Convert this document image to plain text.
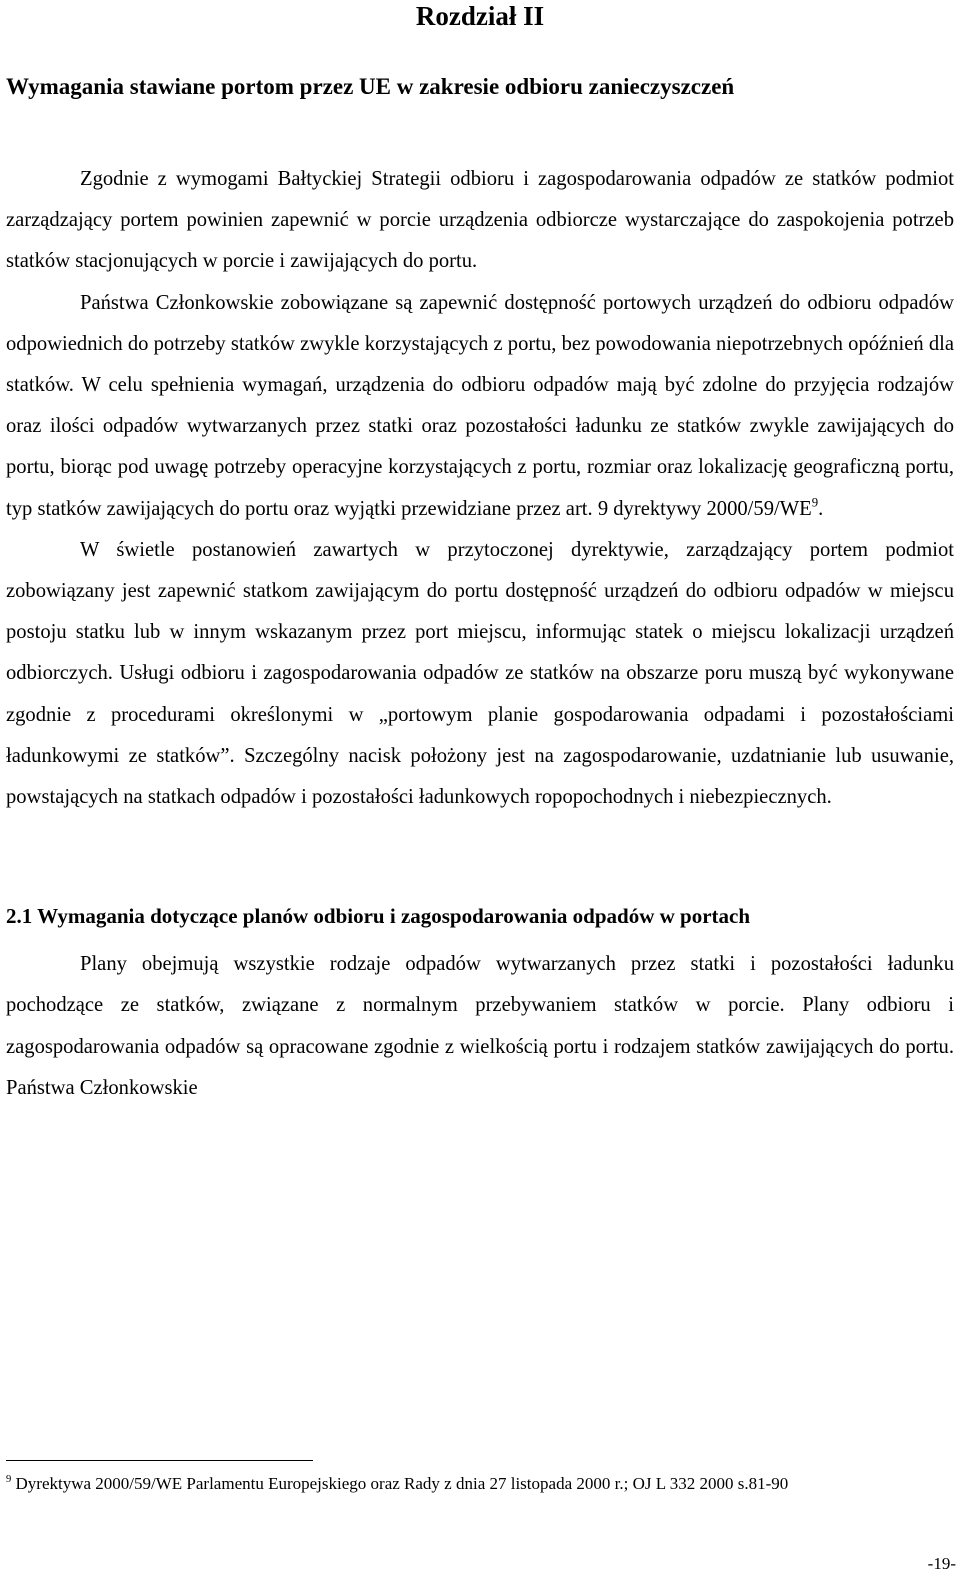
Rozdział II
Wymagania stawiane portom przez UE w zakresie odbioru zanieczyszczeń

Zgodnie z wymogami Bałtyckiej Strategii odbioru i zagospodarowania odpadów ze statków podmiot zarządzający portem powinien zapewnić w porcie urządzenia odbiorcze wystarczające do zaspokojenia potrzeb statków stacjonujących w porcie i zawijających do portu.

Państwa Członkowskie zobowiązane są zapewnić dostępność portowych urządzeń do odbioru odpadów odpowiednich do potrzeby statków zwykle korzystających z portu, bez powodowania niepotrzebnych opóźnień dla statków. W celu spełnienia wymagań, urządzenia do odbioru odpadów mają być zdolne do przyjęcia rodzajów oraz ilości odpadów wytwarzanych przez statki oraz pozostałości ładunku ze statków zwykle zawijających do portu, biorąc pod uwagę potrzeby operacyjne korzystających z portu, rozmiar oraz lokalizację geograficzną portu, typ statków zawijających do portu oraz wyjątki przewidziane przez art. 9 dyrektywy $2000/59/WE^9$.

W świetle postanowień zawartych w przytoczonej dyrektywie, zarządzający portem podmiot zobowiązany jest zapewnić statkom zawijającym do portu dostępność urządzeń do odbioru odpadów w miejscu postoju statku lub w innym wskazanym przez port miejscu, informując statek o miejscu lokalizacji urządzeń odbiorczych. Usługi odbioru i zagospodarowania odpadów ze statków na obszarze poru muszą być wykonywane zgodnie z procedurami określonymi w „portowym planie gospodarowania odpadami i pozostałościami ładunkowymi ze statków”. Szczególny nacisk położony jest na zagospodarowanie, uzdatnianie lub usuwanie, powstających na statkach odpadów i pozostałości ładunkowych ropopochodnych i niebezpiecznych.

2.1 Wymagania dotyczące planów odbioru i zagospodarowania odpadów w portach

Plany obejmują wszystkie rodzaje odpadów wytwarzanych przez statki i pozostałości ładunku pochodzące ze statków, związane z normalnym przebywaniem statków w porcie. Plany odbioru i zagospodarowania odpadów są opracowane zgodnie z wielkością portu i rodzajem statków zawijających do portu. Państwa Członkowskie

$^9$ Dyrektywa 2000/59/WE Parlamentu Europejskiego oraz Rady z dnia 27 listopada 2000 r.; OJ L 332 2000 s.81-90

-19-
